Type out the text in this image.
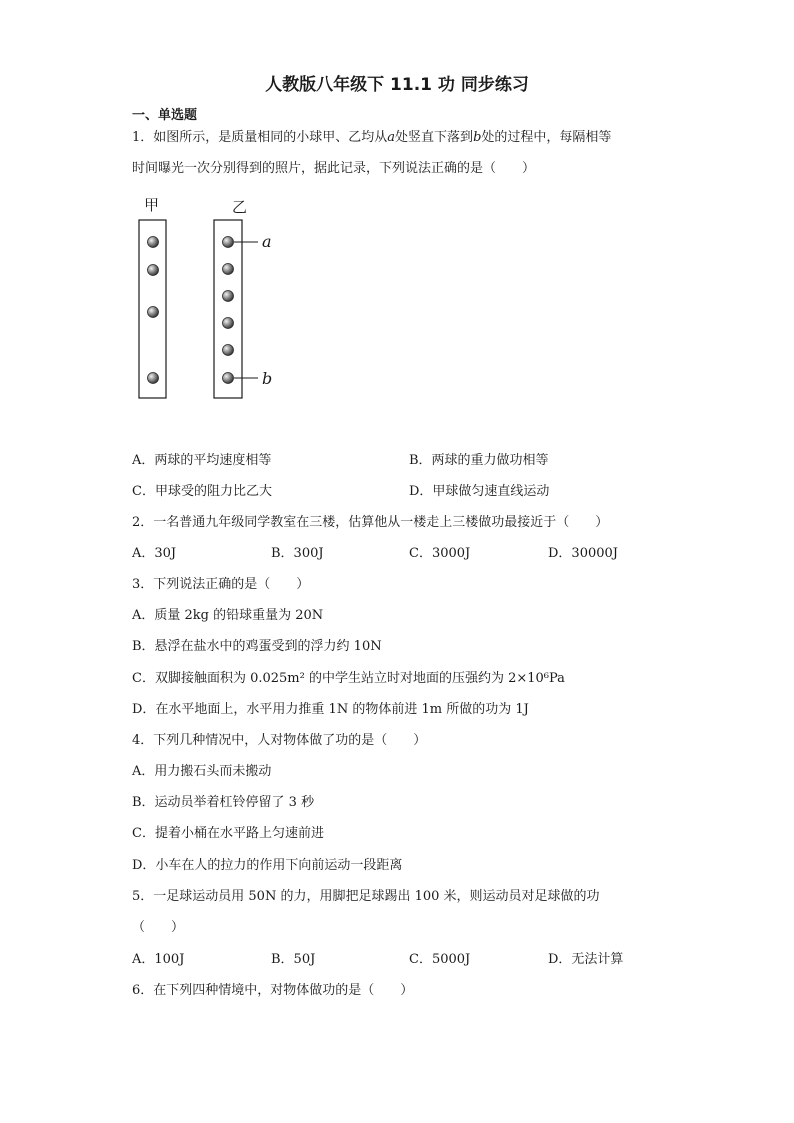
人教版八年级下 11.1 功 同步练习
一、单选题
1．如图所示，是质量相同的小球甲、乙均从a处竖直下落到b处的过程中，每隔相等
时间曝光一次分别得到的照片，据此记录，下列说法正确的是（　　）
甲	乙
a
b
A．两球的平均速度相等	B．两球的重力做功相等
C．甲球受的阻力比乙大	D．甲球做匀速直线运动
2．一名普通九年级同学教室在三楼，估算他从一楼走上三楼做功最接近于（　　）
A．30J	B．300J	C．3000J	D．30000J
3．下列说法正确的是（　　）
A．质量 2kg 的铅球重量为 20N
B．悬浮在盐水中的鸡蛋受到的浮力约 10N
C．双脚接触面积为 0.025m² 的中学生站立时对地面的压强约为 2×10⁶Pa
D．在水平地面上，水平用力推重 1N 的物体前进 1m 所做的功为 1J
4．下列几种情况中，人对物体做了功的是（　　）
A．用力搬石头而未搬动
B．运动员举着杠铃停留了 3 秒
C．提着小桶在水平路上匀速前进
D．小车在人的拉力的作用下向前运动一段距离
5．一足球运动员用 50N 的力，用脚把足球踢出 100 米，则运动员对足球做的功
（　　）
A．100J	B．50J	C．5000J	D．无法计算
6．在下列四种情境中，对物体做功的是（　　）
